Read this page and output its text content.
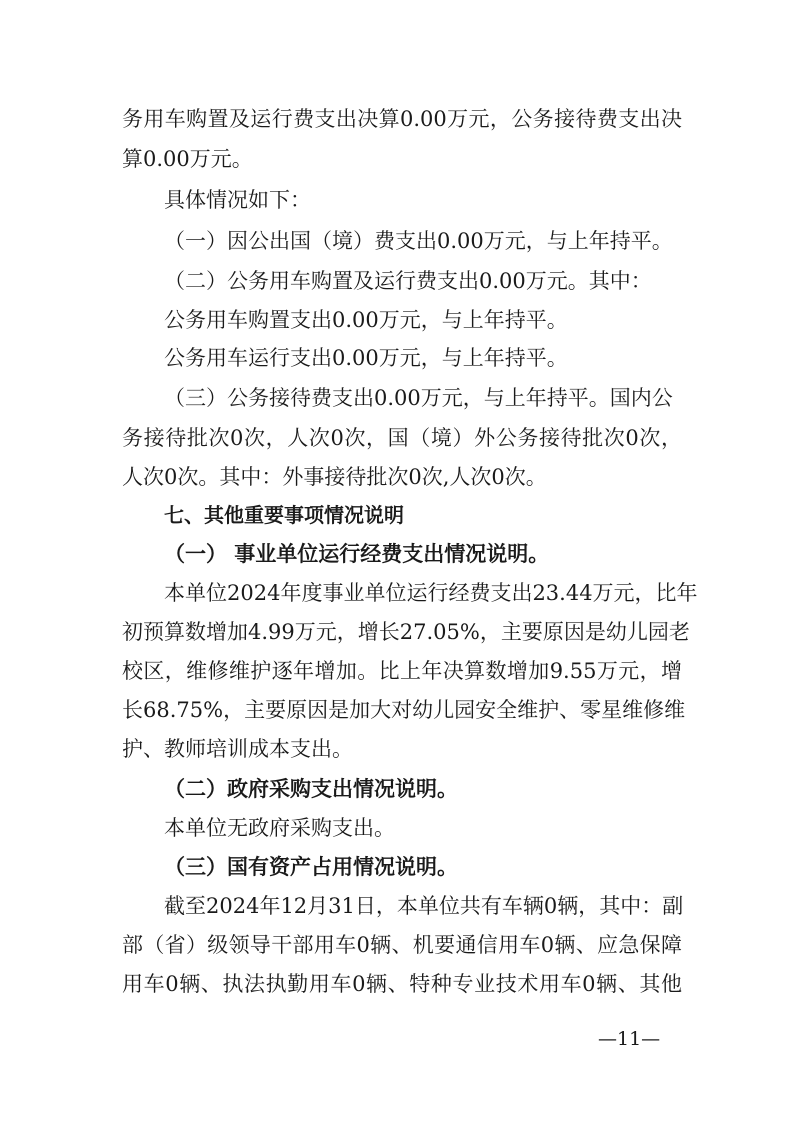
务用车购置及运行费支出决算0.00万元，公务接待费支出决

算0.00万元。

具体情况如下：

（一）因公出国（境）费支出0.00万元，与上年持平。

（二）公务用车购置及运行费支出0.00万元。其中：

公务用车购置支出0.00万元，与上年持平。

公务用车运行支出0.00万元，与上年持平。

（三）公务接待费支出0.00万元，与上年持平。国内公

务接待批次0次，人次0次，国（境）外公务接待批次0次，

人次0次。其中：外事接待批次0次,人次0次。

七、其他重要事项情况说明

（一） 事业单位运行经费支出情况说明。

本单位2024年度事业单位运行经费支出23.44万元，比年

初预算数增加4.99万元，增长27.05%，主要原因是幼儿园老

校区，维修维护逐年增加。比上年决算数增加9.55万元，增

长68.75%，主要原因是加大对幼儿园安全维护、零星维修维

护、教师培训成本支出。

（二）政府采购支出情况说明。

本单位无政府采购支出。

（三）国有资产占用情况说明。

截至2024年12月31日，本单位共有车辆0辆，其中：副

部（省）级领导干部用车0辆、机要通信用车0辆、应急保障

用车0辆、执法执勤用车0辆、特种专业技术用车0辆、其他

—11—
